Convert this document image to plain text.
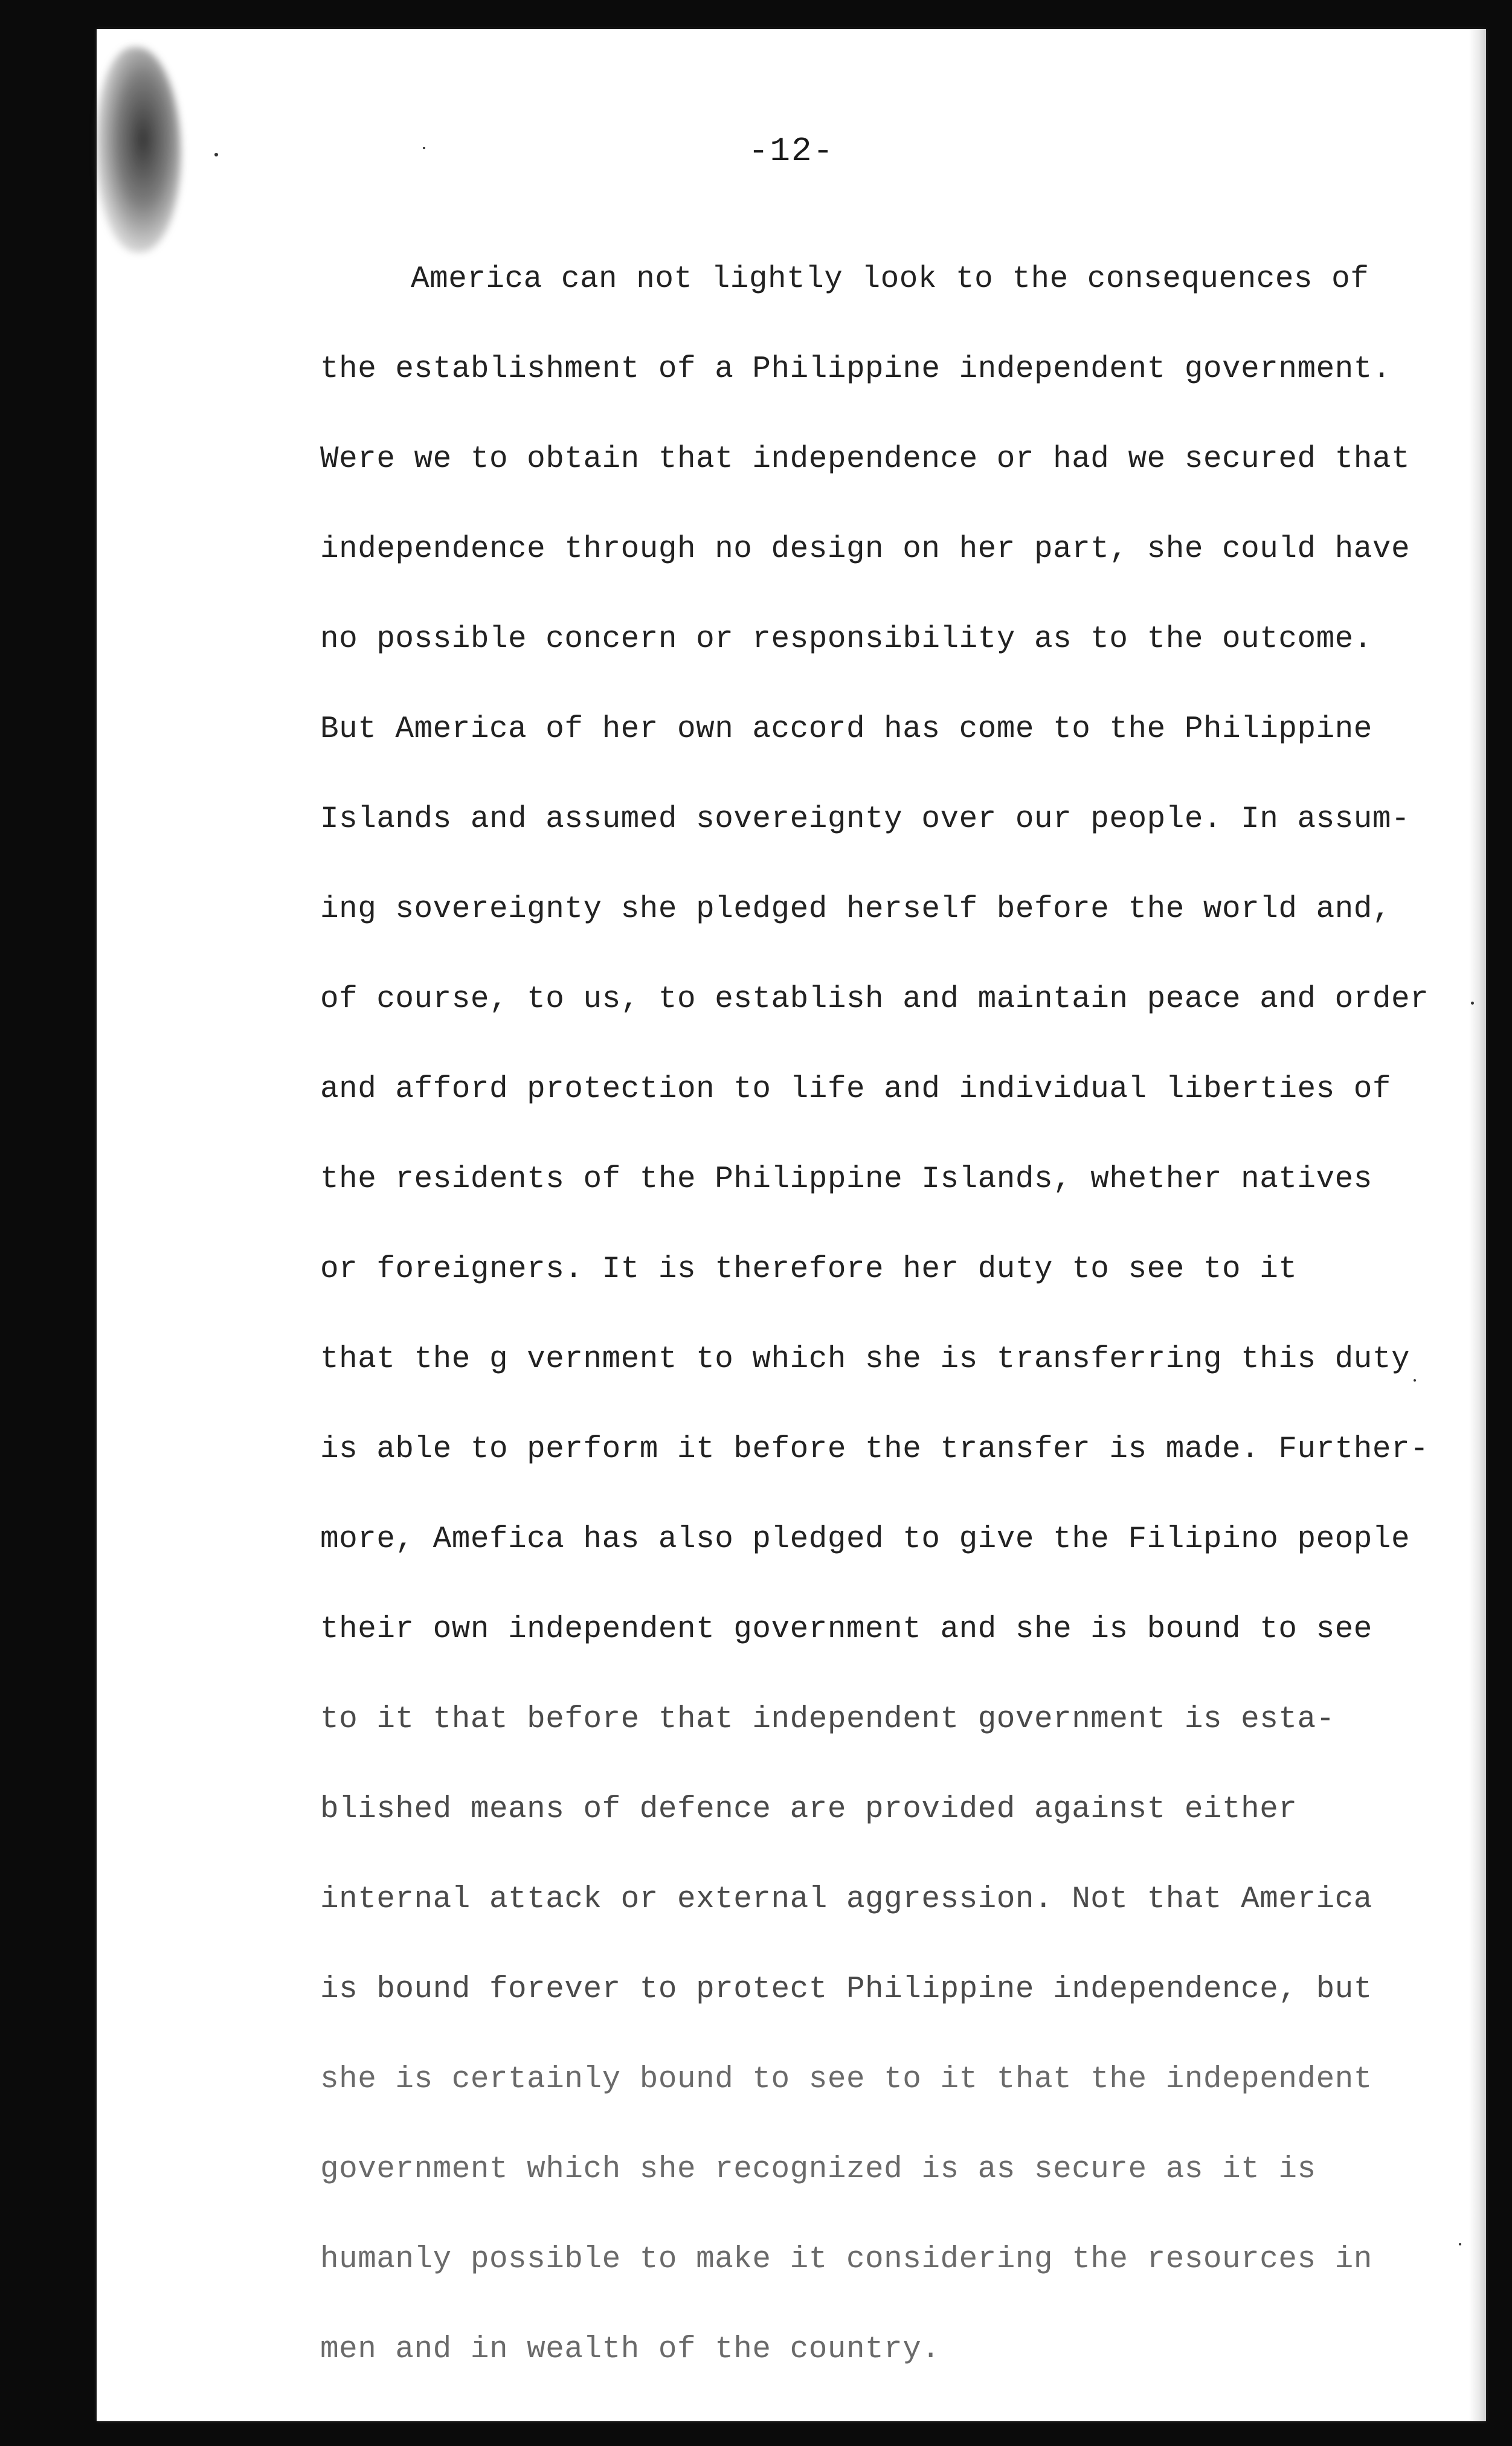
-12-
America can not lightly look to the consequences of
the establishment of a Philippine independent government.
Were we to obtain that independence or had we secured that
independence through no design on her part, she could have
no possible concern or responsibility as to the outcome.
But America of her own accord has come to the Philippine
Islands and assumed sovereignty over our people. In assum-
ing sovereignty she pledged herself before the world and,
of course, to us, to establish and maintain peace and order
and afford protection to life and individual liberties of
the residents of the Philippine Islands, whether natives
or foreigners. It is therefore her duty to see to it
that the g vernment to which she is transferring this duty
is able to perform it before the transfer is made. Further-
more, Amefica has also pledged to give the Filipino people
their own independent government and she is bound to see
to it that before that independent government is esta-
blished means of defence are provided against either
internal attack or external aggression. Not that America
is bound forever to protect Philippine independence, but
she is certainly bound to see to it that the independent
government which she recognized is as secure as it is
humanly possible to make it considering the resources in
men and in wealth of the country.
